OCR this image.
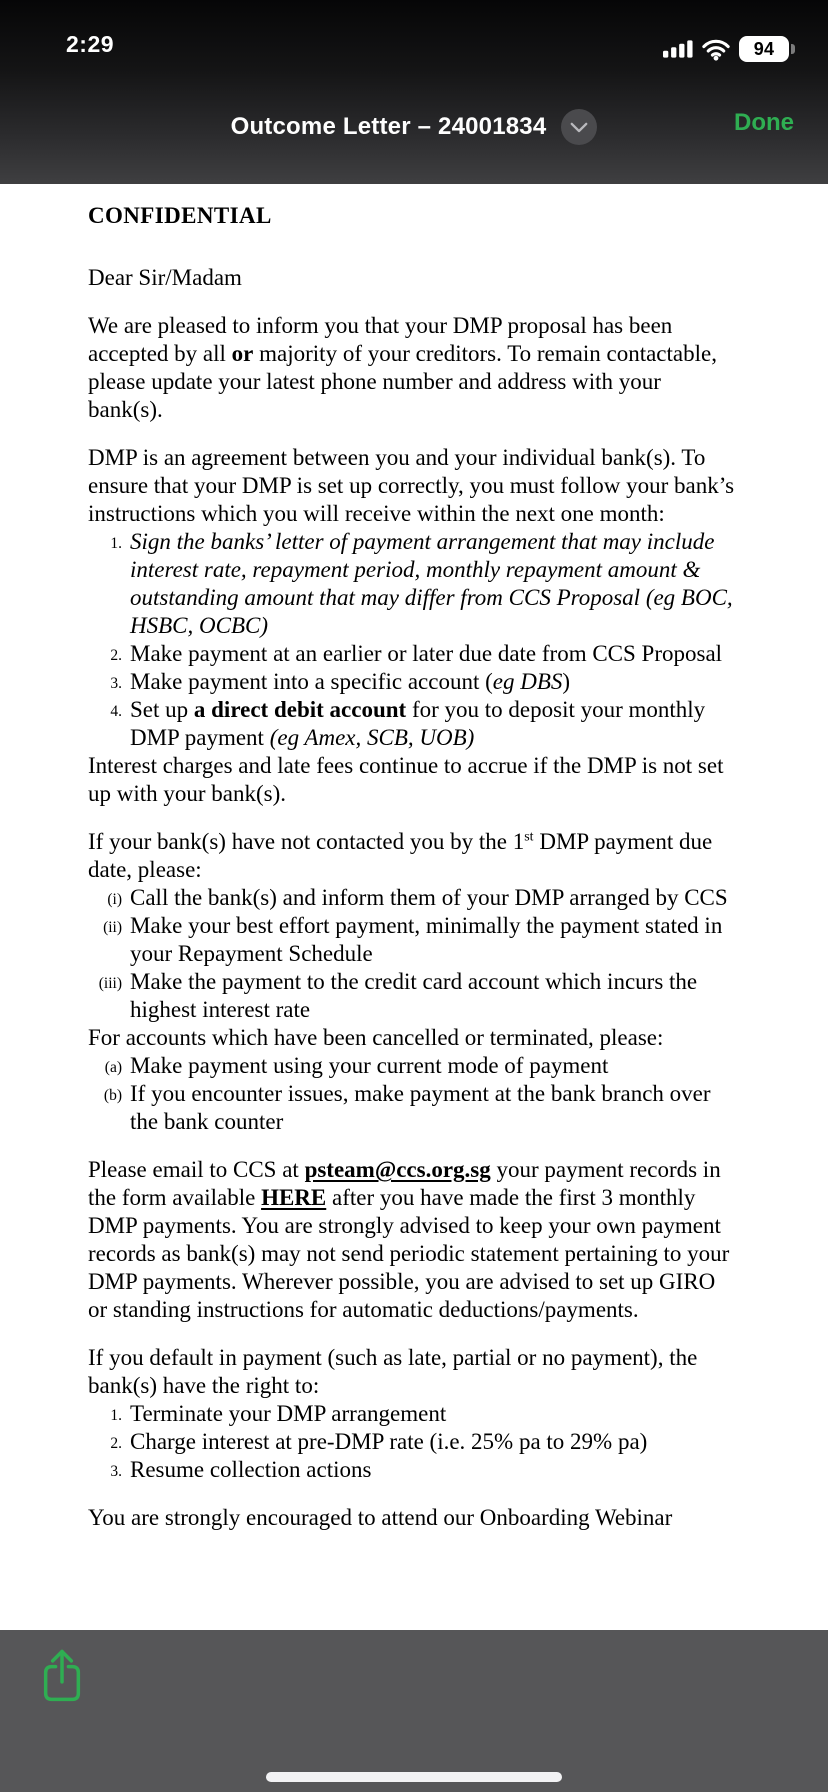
2:29	94
Outcome Letter – 24001834	Done

CONFIDENTIAL

Dear Sir/Madam

We are pleased to inform you that your DMP proposal has been accepted by all or majority of your creditors. To remain contactable, please update your latest phone number and address with your bank(s).

DMP is an agreement between you and your individual bank(s). To ensure that your DMP is set up correctly, you must follow your bank’s instructions which you will receive within the next one month:

1. Sign the banks’ letter of payment arrangement that may include interest rate, repayment period, monthly repayment amount & outstanding amount that may differ from CCS Proposal (eg BOC, HSBC, OCBC)
2. Make payment at an earlier or later due date from CCS Proposal
3. Make payment into a specific account (eg DBS)
4. Set up a direct debit account for you to deposit your monthly DMP payment (eg Amex, SCB, UOB)

Interest charges and late fees continue to accrue if the DMP is not set up with your bank(s).

If your bank(s) have not contacted you by the 1st DMP payment due date, please:

(i) Call the bank(s) and inform them of your DMP arranged by CCS
(ii) Make your best effort payment, minimally the payment stated in your Repayment Schedule
(iii) Make the payment to the credit card account which incurs the highest interest rate

For accounts which have been cancelled or terminated, please:

(a) Make payment using your current mode of payment
(b) If you encounter issues, make payment at the bank branch over the bank counter

Please email to CCS at psteam@ccs.org.sg your payment records in the form available HERE after you have made the first 3 monthly DMP payments. You are strongly advised to keep your own payment records as bank(s) may not send periodic statement pertaining to your DMP payments. Wherever possible, you are advised to set up GIRO or standing instructions for automatic deductions/payments.

If you default in payment (such as late, partial or no payment), the bank(s) have the right to:

1. Terminate your DMP arrangement
2. Charge interest at pre-DMP rate (i.e. 25% pa to 29% pa)
3. Resume collection actions

You are strongly encouraged to attend our Onboarding Webinar
